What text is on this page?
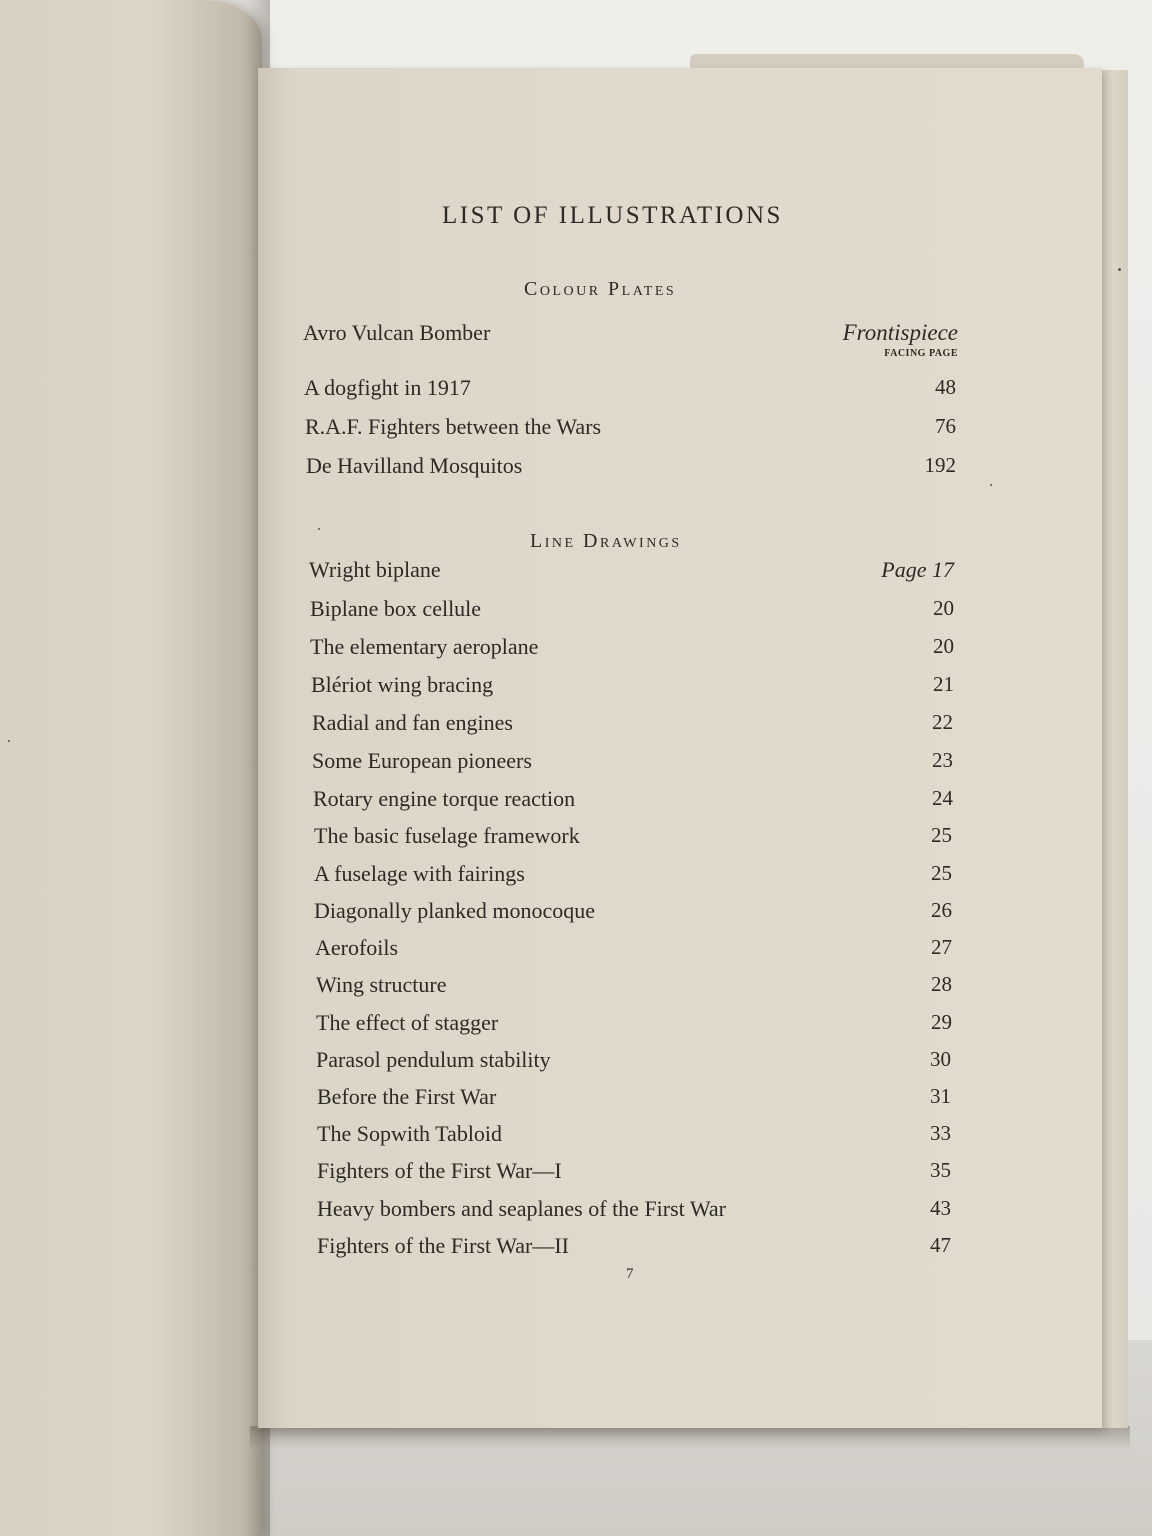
LIST OF ILLUSTRATIONS
Colour Plates
Avro Vulcan Bomber	Frontispiece
FACING PAGE
A dogfight in 1917	48
R.A.F. Fighters between the Wars	76
De Havilland Mosquitos	192
Line Drawings
Wright biplane	Page 17
Biplane box cellule	20
The elementary aeroplane	20
Blériot wing bracing	21
Radial and fan engines	22
Some European pioneers	23
Rotary engine torque reaction	24
The basic fuselage framework	25
A fuselage with fairings	25
Diagonally planked monocoque	26
Aerofoils	27
Wing structure	28
The effect of stagger	29
Parasol pendulum stability	30
Before the First War	31
The Sopwith Tabloid	33
Fighters of the First War—I	35
Heavy bombers and seaplanes of the First War	43
Fighters of the First War—II	47
7
